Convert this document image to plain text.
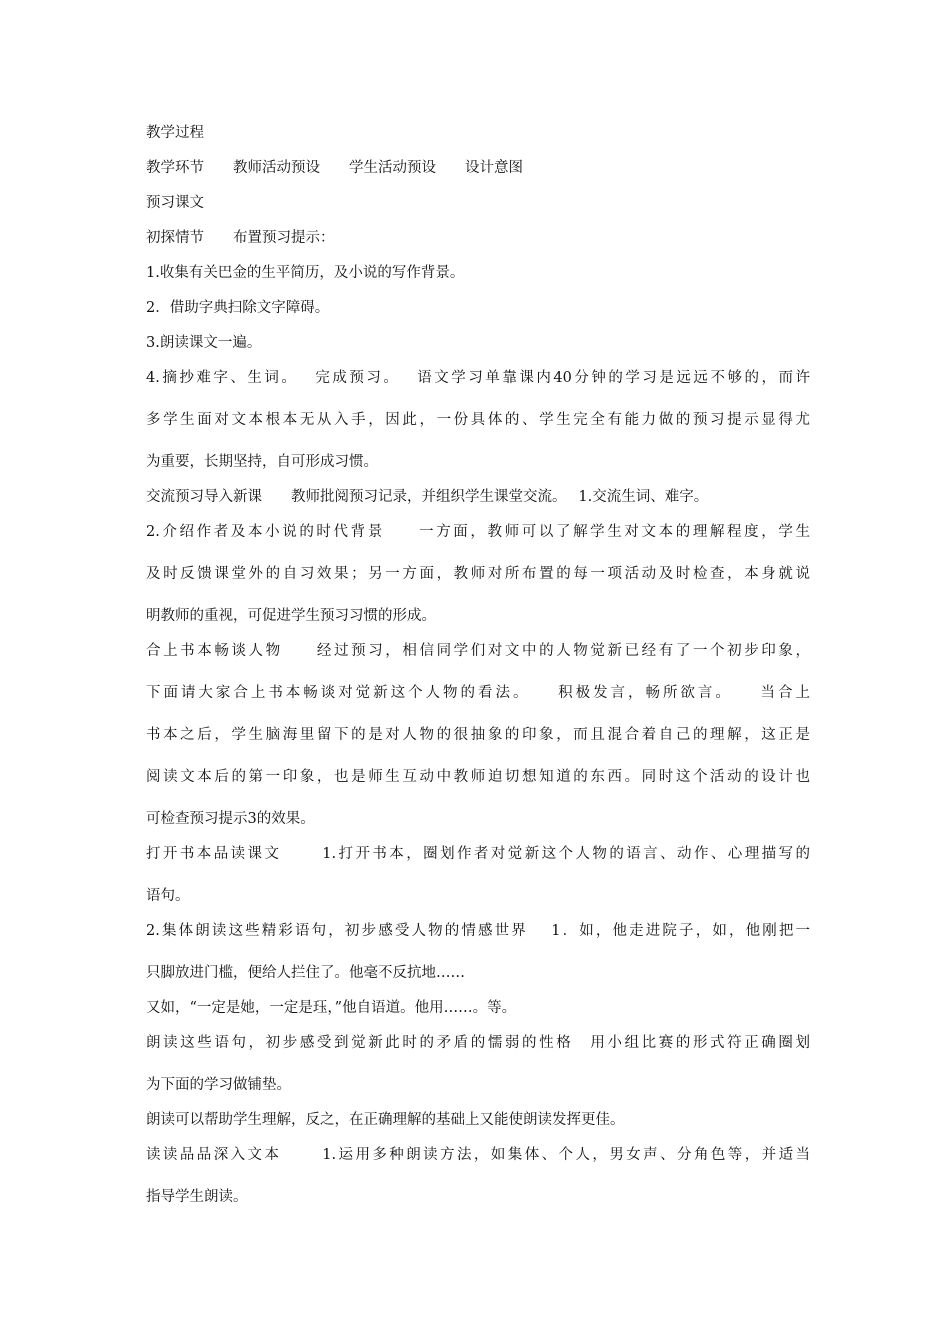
教学过程

教学环节　　教师活动预设　　学生活动预设　　设计意图

预习课文

初探情节　　布置预习提示：

1.收集有关巴金的生平简历，及小说的写作背景。

2．借助字典扫除文字障碍。

3.朗读课文一遍。

4.摘抄难字、生词。　 完成预习。　 语文学习单靠课内40分钟的学习是远远不够的，而许

多学生面对文本根本无从入手，因此，一份具体的、学生完全有能力做的预习提示显得尤

为重要，长期坚持，自可形成习惯。

交流预习导入新课　　教师批阅预习记录，并组织学生课堂交流。　 1.交流生词、难字。

2.介绍作者及本小说的时代背景　　一方面，教师可以了解学生对文本的理解程度，学生

及时反馈课堂外的自习效果；另一方面，教师对所布置的每一项活动及时检查，本身就说

明教师的重视，可促进学生预习习惯的形成。

合上书本畅谈人物　　经过预习，相信同学们对文中的人物觉新已经有了一个初步印象，

下面请大家合上书本畅谈对觉新这个人物的看法。　　积极发言，畅所欲言。　　当合上

书本之后，学生脑海里留下的是对人物的很抽象的印象，而且混合着自己的理解，这正是

阅读文本后的第一印象，也是师生互动中教师迫切想知道的东西。同时这个活动的设计也

可检查预习提示3的效果。

打开书本品读课文　　 1.打开书本，圈划作者对觉新这个人物的语言、动作、心理描写的

语句。

2.集体朗读这些精彩语句，初步感受人物的情感世界　 1．如，他走进院子，如，他刚把一

只脚放进门槛，便给人拦住了。他毫不反抗地……

又如，“一定是她，一定是珏，”他自语道。他用……。等。

朗读这些语句，初步感受到觉新此时的矛盾的懦弱的性格　用小组比赛的形式符正确圈划

为下面的学习做铺垫。

朗读可以帮助学生理解，反之，在正确理解的基础上又能使朗读发挥更佳。

读读品品深入文本　　 1.运用多种朗读方法，如集体、个人，男女声、分角色等，并适当

指导学生朗读。
